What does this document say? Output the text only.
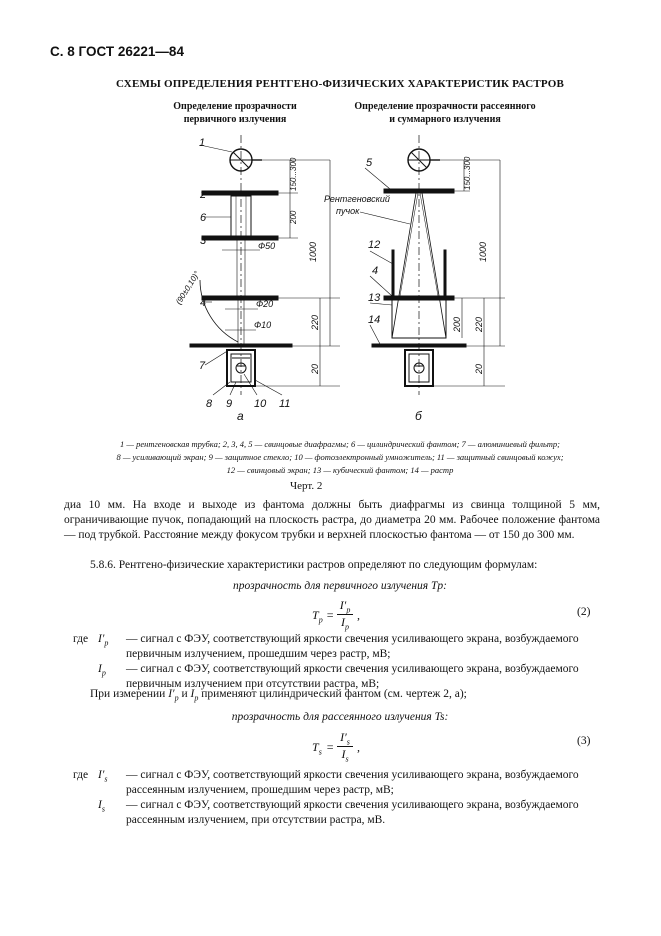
С. 8 ГОСТ 26221—84
СХЕМЫ ОПРЕДЕЛЕНИЯ РЕНТГЕНО-ФИЗИЧЕСКИХ ХАРАКТЕРИСТИК РАСТРОВ
Определение прозрачности
первичного излучения
Определение прозрачности рассеянного
и суммарного излучения
1
2
6
3
4
7
8 9 10 11
150...300
200
1000
220
20
Ф50
Ф20
Ф10
(90±0,10)°
а
5
Рентгеновский
пучок
12
4
13
14
150...300
1000
200 220
20
б
1 — рентгеновская трубка; 2, 3, 4, 5 — свинцовые диафрагмы; 6 — цилиндрический фантом; 7 — алюминиевый фильтр;
8 — усиливающий экран; 9 — защитное стекло; 10 — фотоэлектронный умножитель; 11 — защитный свинцовый кожух;
12 — свинцовый экран; 13 — кубический фантом; 14 — растр
Черт. 2
диа 10 мм. На входе и выходе из фантома должны быть диафрагмы из свинца толщиной 5 мм, ограничивающие пучок, попадающий на плоскость растра, до диаметра 20 мм. Рабочее положение фантома — под трубкой. Расстояние между фокусом трубки и верхней плоскостью фантома — от 150 до 300 мм.
5.8.6. Рентгено-физические характеристики растров определяют по следующим формулам:
прозрачность для первичного излучения Tp:
$T_p$ =
$I'_p$
$I_p$
,	(2)
где $I'_p$ — сигнал с ФЭУ, соответствующий яркости свечения усиливающего экрана, возбуждаемого первичным излучением, прошедшим через растр, мВ;
$I_p$ — сигнал с ФЭУ, соответствующий яркости свечения усиливающего экрана, возбуждаемого первичным излучением при отсутствии растра, мВ;
При измерении $I'_p$ и $I_p$ применяют цилиндрический фантом (см. чертеж 2, а);
прозрачность для рассеянного излучения Ts:
$T_s$ =
$I'_s$
$I_s$
,	(3)
где $I'_s$ — сигнал с ФЭУ, соответствующий яркости свечения усиливающего экрана, возбуждаемого рассеянным излучением, прошедшим через растр, мВ;
$I_s$ — сигнал с ФЭУ, соответствующий яркости свечения усиливающего экрана, возбуждаемого рассеянным излучением, при отсутствии растра, мВ.
